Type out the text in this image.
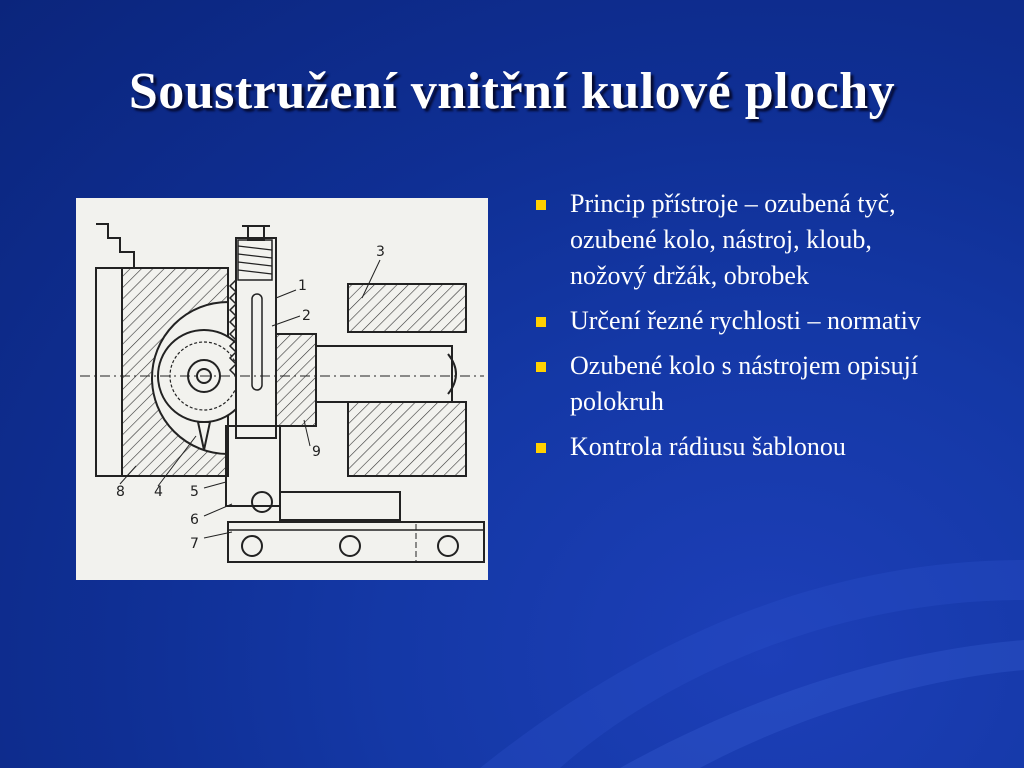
Soustružení vnitřní kulové plochy
1
2
3
9
8 4 5
6
7
Princip přístroje – ozubená tyč, ozubené kolo, nástroj, kloub, nožový držák, obrobek
Určení řezné rychlosti – normativ
Ozubené kolo s nástrojem opisují polokruh
Kontrola rádiusu šablonou
